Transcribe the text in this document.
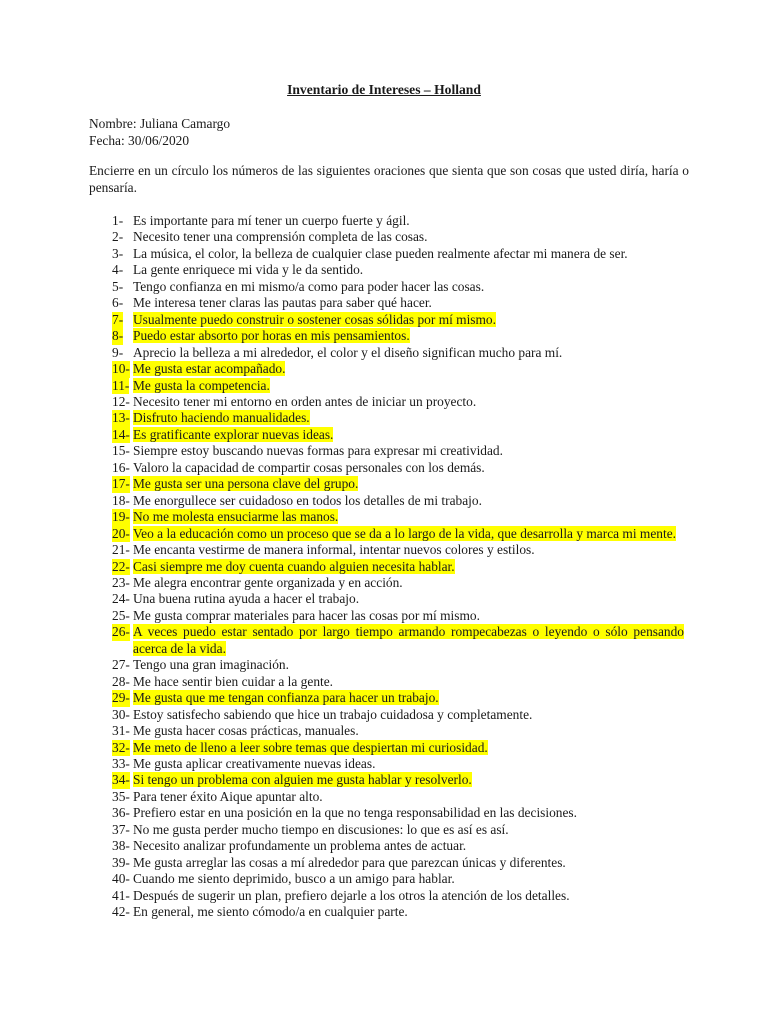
Inventario de Intereses – Holland
Nombre: Juliana Camargo
Fecha: 30/06/2020
Encierre en un círculo los números de las siguientes oraciones que sienta que son cosas que usted diría, haría o pensaría.
1- Es importante para mí tener un cuerpo fuerte y ágil.
2- Necesito tener una comprensión completa de las cosas.
3- La música, el color, la belleza de cualquier clase pueden realmente afectar mi manera de ser.
4- La gente enriquece mi vida y le da sentido.
5- Tengo confianza en mi mismo/a como para poder hacer las cosas.
6- Me interesa tener claras las pautas para saber qué hacer.
7- Usualmente puedo construir o sostener cosas sólidas por mí mismo.
8- Puedo estar absorto por horas en mis pensamientos.
9- Aprecio la belleza a mi alrededor, el color y el diseño significan mucho para mí.
10- Me gusta estar acompañado.
11- Me gusta la competencia.
12- Necesito tener mi entorno en orden antes de iniciar un proyecto.
13- Disfruto haciendo manualidades.
14- Es gratificante explorar nuevas ideas.
15- Siempre estoy buscando nuevas formas para expresar mi creatividad.
16- Valoro la capacidad de compartir cosas personales con los demás.
17- Me gusta ser una persona clave del grupo.
18- Me enorgullece ser cuidadoso en todos los detalles de mi trabajo.
19- No me molesta ensuciarme las manos.
20- Veo a la educación como un proceso que se da a lo largo de la vida, que desarrolla y marca mi mente.
21- Me encanta vestirme de manera informal, intentar nuevos colores y estilos.
22- Casi siempre me doy cuenta cuando alguien necesita hablar.
23- Me alegra encontrar gente organizada y en acción.
24- Una buena rutina ayuda a hacer el trabajo.
25- Me gusta comprar materiales para hacer las cosas por mí mismo.
26- A veces puedo estar sentado por largo tiempo armando rompecabezas o leyendo o sólo pensando acerca de la vida.
27- Tengo una gran imaginación.
28- Me hace sentir bien cuidar a la gente.
29- Me gusta que me tengan confianza para hacer un trabajo.
30- Estoy satisfecho sabiendo que hice un trabajo cuidadosa y completamente.
31- Me gusta hacer cosas prácticas, manuales.
32- Me meto de lleno a leer sobre temas que despiertan mi curiosidad.
33- Me gusta aplicar creativamente nuevas ideas.
34- Si tengo un problema con alguien me gusta hablar y resolverlo.
35- Para tener éxito Aique apuntar alto.
36- Prefiero estar en una posición en la que no tenga responsabilidad en las decisiones.
37- No me gusta perder mucho tiempo en discusiones: lo que es así es así.
38- Necesito analizar profundamente un problema antes de actuar.
39- Me gusta arreglar las cosas a mí alrededor para que parezcan únicas y diferentes.
40- Cuando me siento deprimido, busco a un amigo para hablar.
41- Después de sugerir un plan, prefiero dejarle a los otros la atención de los detalles.
42- En general, me siento cómodo/a en cualquier parte.
